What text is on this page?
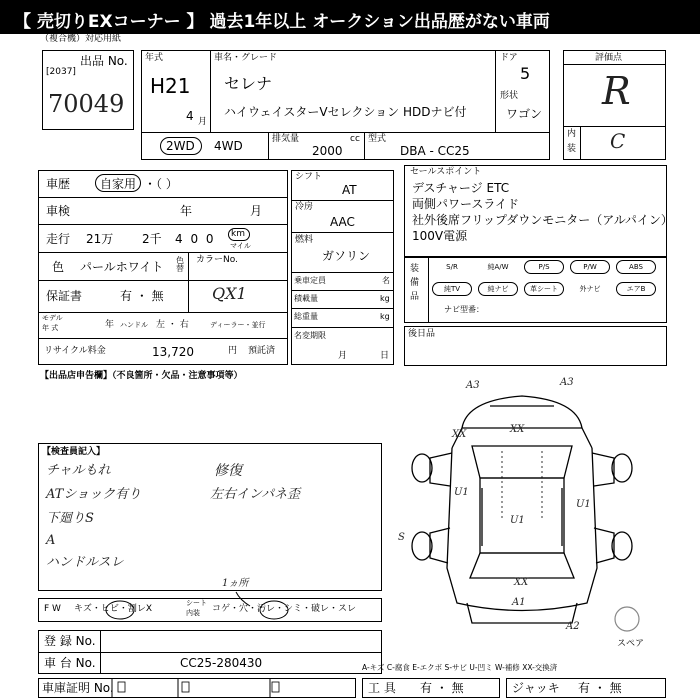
【 売切りEXコーナー 】 過去1年以上 オークション出品歴がない車両
（複合機）対応用紙
出品 No.
[2037]
70049
年式
H21
4 月
車名・グレード
セレナ
ハイウェイスターVセレクション HDDナビ付
ドア
5
形状
ワゴン
2WD 4WD	排気量	cc
2000
型式
DBA - CC25
評価点
R
内
装 C
車歴 自家用 ・（ ）
車検	年	月
走行 21万 2千 4 0 0 km
マイル
色 パールホワイト 色替
カラーNo.
QX1
保証書	有 ・ 無
モデル
年 式	年 ハンドル 左 ・ 右	ディーラー・並行
リサイクル料金	13,720	円 預託済
シフト
AT
冷房
AAC
燃料
ガソリン
乗車定員	名
積載量	kg
総重量	kg
名変期限
月	日
セールスポイント
デスチャージ ETC
両側パワースライド
社外後席フリップダウンモニター（アルパイン）
100V電源
装備品
S/R	純A/W	P/S	P/W	ABS
純TV	純ナビ	革シート	外ナビ	エアB
ナビ型番：
後日品
【出品店申告欄】（不良箇所・欠品・注意事項等）
【検査員記入】
チャルもれ
ATショック有り
下廻りS
A
ハンドルスレ
修復
左右インパネ歪
F W キズ・ヒビ・割レX
シート
内装 コゲ・穴・汚レ・シミ・破レ・スレ
1ヵ所
登 録 No.
車 台 No.	CC25-280430
車庫証明 No.	工 具 有 ・ 無	ジャッキ 有 ・ 無
A3	A3
XX	XX
U1
U1
U1
XX
A1
A2
S
スペア
A-キズ C-腐食 E-エクボ S-サビ U-凹ミ W-補修 XX-交換済
